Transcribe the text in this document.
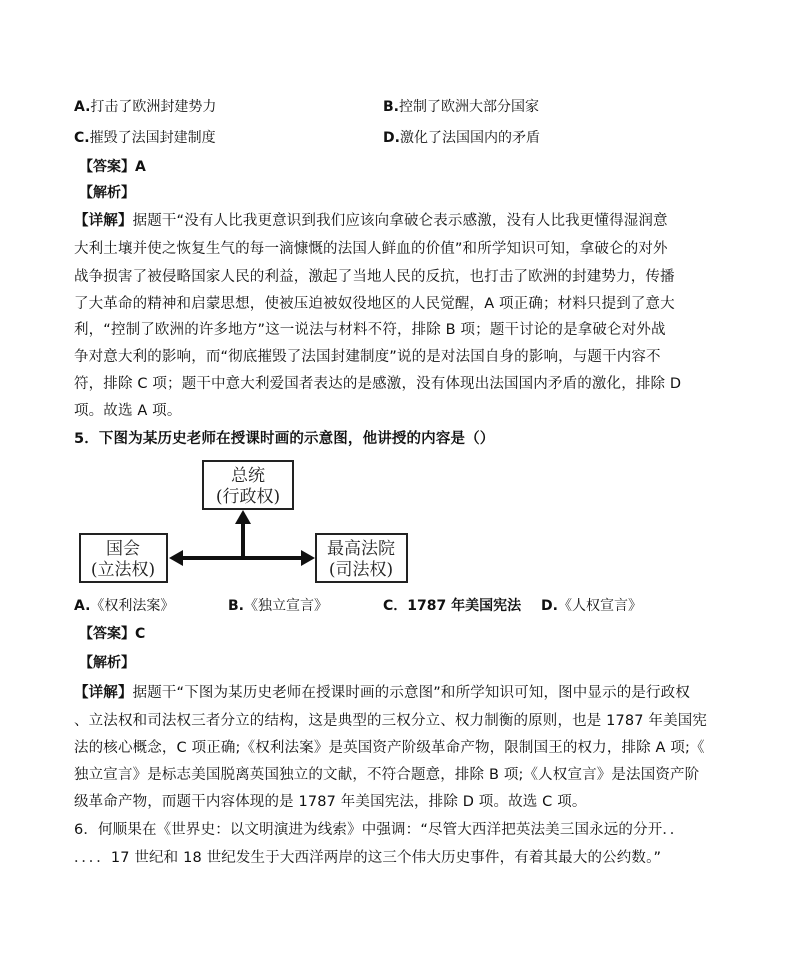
A.打击了欧洲封建势力	B.控制了欧洲大部分国家
C.摧毁了法国封建制度	D.激化了法国国内的矛盾
【答案】A
【解析】
【详解】据题干“没有人比我更意识到我们应该向拿破仑表示感激，没有人比我更懂得湿润意
大利土壤并使之恢复生气的每一滴慷慨的法国人鲜血的价值”和所学知识可知，拿破仑的对外
战争损害了被侵略国家人民的利益，激起了当地人民的反抗，也打击了欧洲的封建势力，传播
了大革命的精神和启蒙思想，使被压迫被奴役地区的人民觉醒，A 项正确；材料只提到了意大
利，“控制了欧洲的许多地方”这一说法与材料不符，排除 B 项；题干讨论的是拿破仑对外战
争对意大利的影响，而“彻底摧毁了法国封建制度”说的是对法国自身的影响，与题干内容不
符，排除 C 项；题干中意大利爱国者表达的是感激，没有体现出法国国内矛盾的激化，排除 D
项。故选 A 项。
5．下图为某历史老师在授课时画的示意图，他讲授的内容是（）
总统
(行政权)
国会
(立法权)
最高法院
(司法权)
A.《权利法案》	B.《独立宣言》	C．1787 年美国宪法 D.《人权宣言》
【答案】C
【解析】
【详解】据题干“下图为某历史老师在授课时画的示意图”和所学知识可知，图中显示的是行政权
、立法权和司法权三者分立的结构，这是典型的三权分立、权力制衡的原则，也是 1787 年美国宪
法的核心概念，C 项正确;《权利法案》是英国资产阶级革命产物，限制国王的权力，排除 A 项;《
独立宣言》是标志美国脱离英国独立的文献，不符合题意，排除 B 项;《人权宣言》是法国资产阶
级革命产物，而题干内容体现的是 1787 年美国宪法，排除 D 项。故选 C 项。
6．何顺果在《世界史：以文明演进为线索》中强调：“尽管大西洋把英法美三国永远的分开．．
．．．．17 世纪和 18 世纪发生于大西洋两岸的这三个伟大历史事件，有着其最大的公约数。”
